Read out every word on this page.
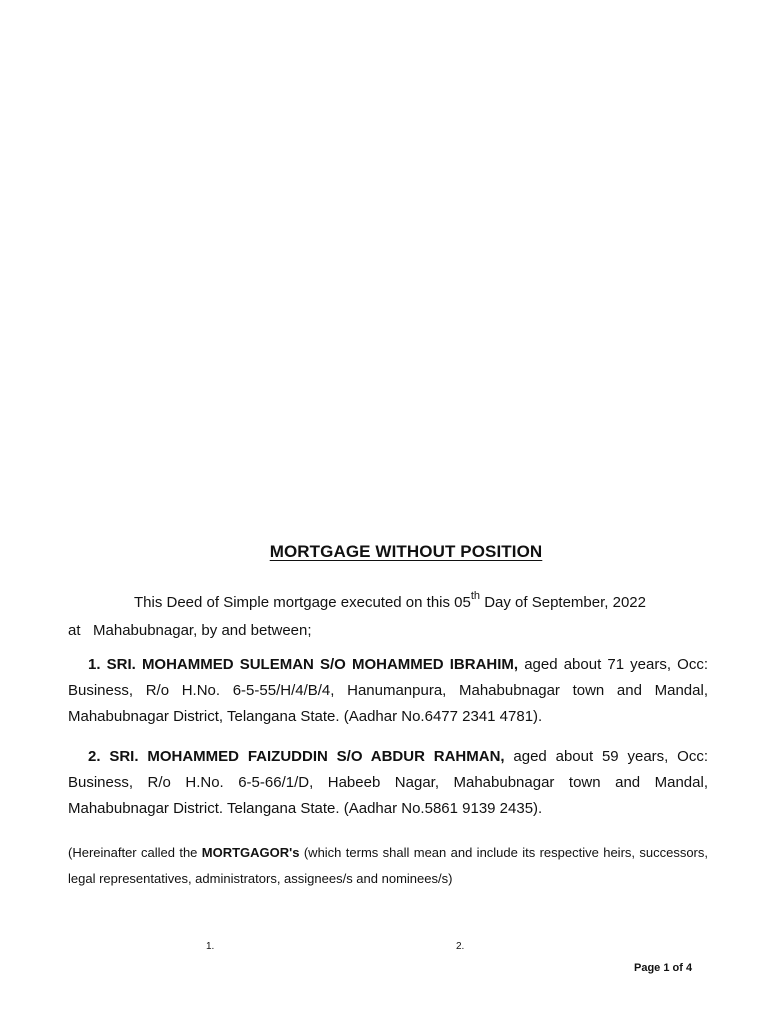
MORTGAGE WITHOUT POSITION
This Deed of Simple mortgage executed on this 05th Day of September, 2022
at   Mahabubnagar, by and between;
1. SRI. MOHAMMED SULEMAN S/O MOHAMMED IBRAHIM, aged about 71 years, Occ: Business, R/o H.No. 6-5-55/H/4/B/4, Hanumanpura, Mahabubnagar town and Mandal, Mahabubnagar District, Telangana State. (Aadhar No.6477 2341 4781).
2. SRI. MOHAMMED FAIZUDDIN S/O ABDUR RAHMAN, aged about 59 years, Occ: Business, R/o H.No. 6-5-66/1/D, Habeeb Nagar, Mahabubnagar town and Mandal, Mahabubnagar District. Telangana State. (Aadhar No.5861 9139 2435).
(Hereinafter called the MORTGAGOR's (which terms shall mean and include its respective heirs, successors, legal representatives, administrators, assignees/s and nominees/s)
1.	2.
Page 1 of 4
